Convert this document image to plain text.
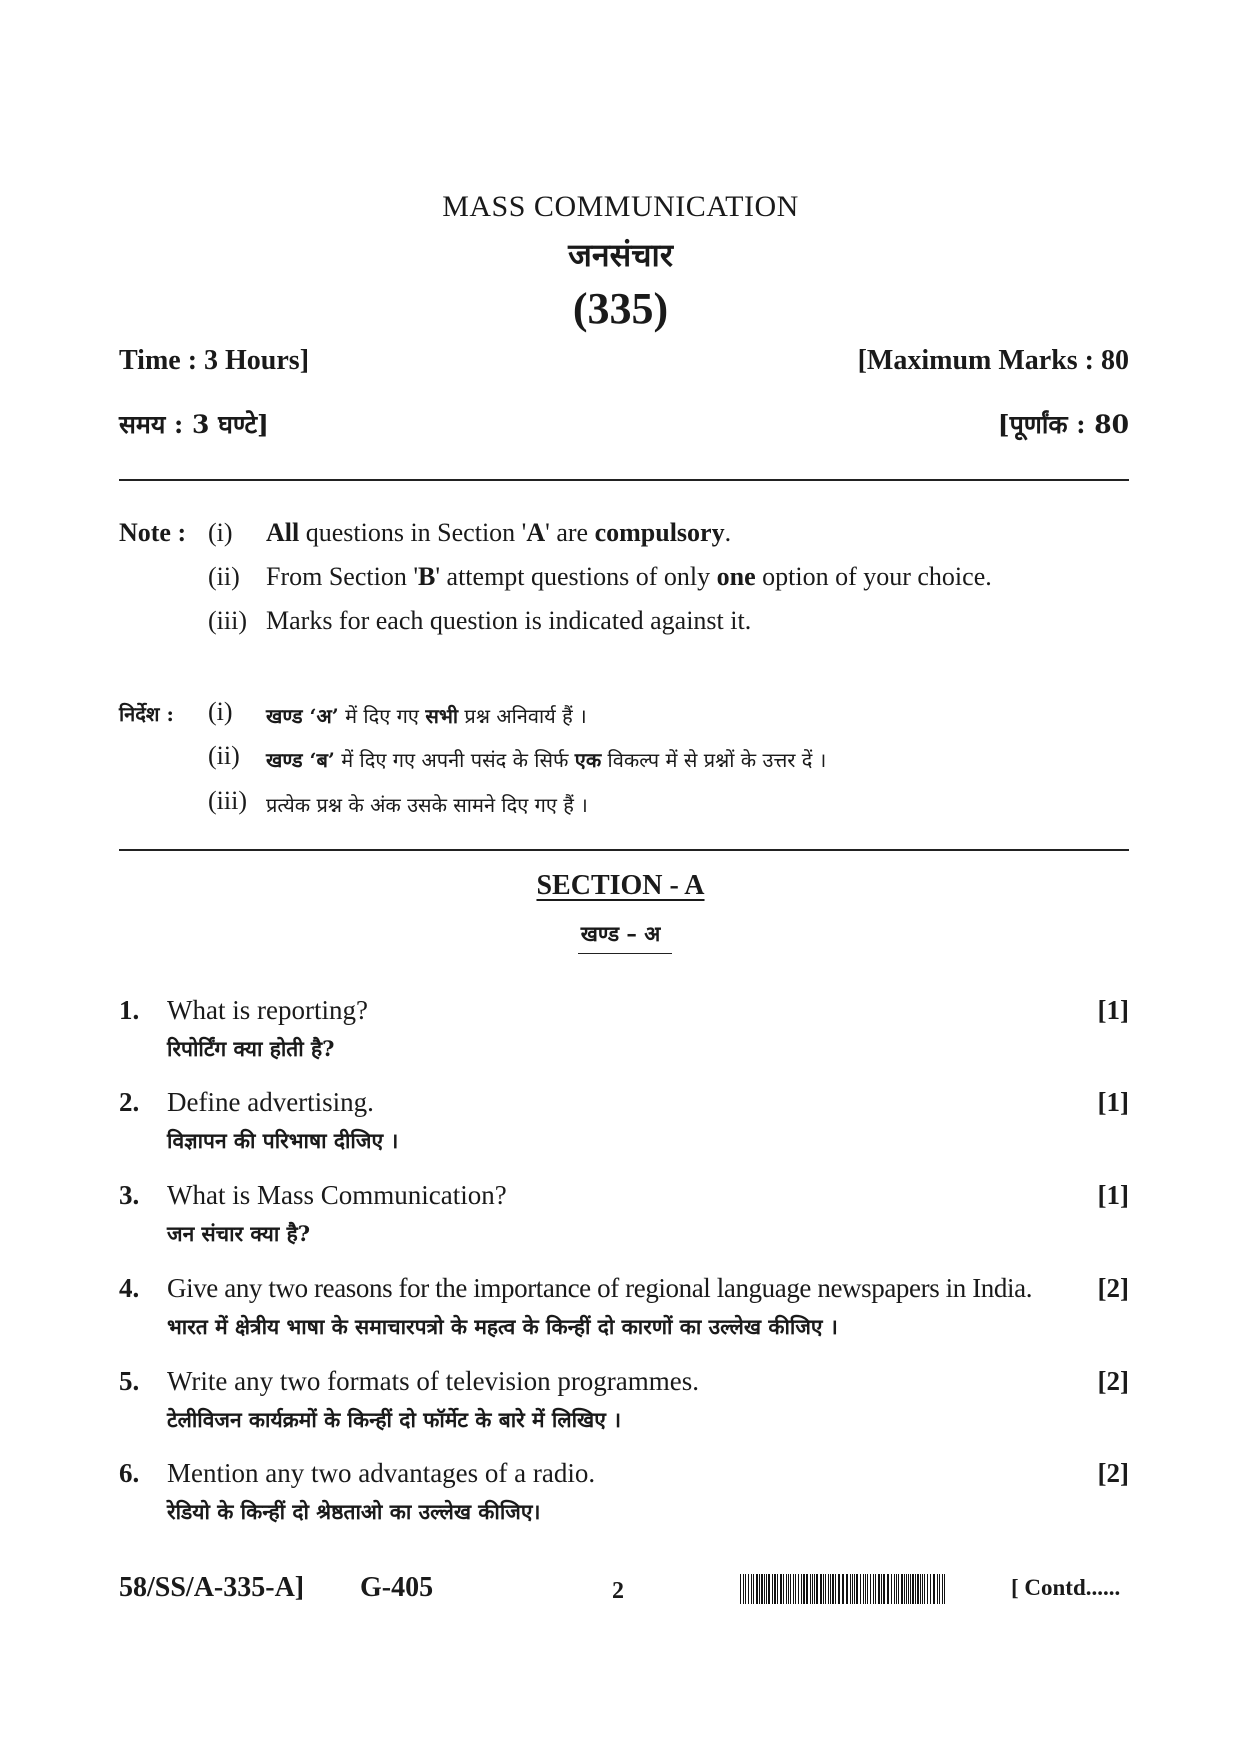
MASS COMMUNICATION
जनसंचार
(335)
Time : 3 Hours]	[Maximum Marks : 80
समय : 3 घण्टे]	[पूर्णांक : 80
Note : (i) All questions in Section 'A' are compulsory.
(ii) From Section 'B' attempt questions of only one option of your choice.
(iii) Marks for each question is indicated against it.
निर्देश : (i) खण्ड ‘अ’ में दिए गए सभी प्रश्न अनिवार्य हैं ।
(ii) खण्ड ‘ब’ में दिए गए अपनी पसंद के सिर्फ एक विकल्प में से प्रश्नों के उत्तर दें ।
(iii) प्रत्येक प्रश्न के अंक उसके सामने दिए गए हैं ।
SECTION - A
खण्ड – अ
1. What is reporting?	[1]
रिपोर्टिंग क्या होती है?
2. Define advertising.	[1]
विज्ञापन की परिभाषा दीजिए ।
3. What is Mass Communication?	[1]
जन संचार क्या है?
4. Give any two reasons for the importance of regional language newspapers in India. [2]
भारत में क्षेत्रीय भाषा के समाचारपत्रो के महत्व के किन्हीं दो कारणों का उल्लेख कीजिए ।
5. Write any two formats of television programmes.	[2]
टेलीविजन कार्यक्रमों के किन्हीं दो फॉर्मेट के बारे में लिखिए ।
6. Mention any two advantages of a radio.	[2]
रेडियो के किन्हीं दो श्रेष्ठताओ का उल्लेख कीजिए।
58/SS/A-335-A] G-405	2	[ Contd......
